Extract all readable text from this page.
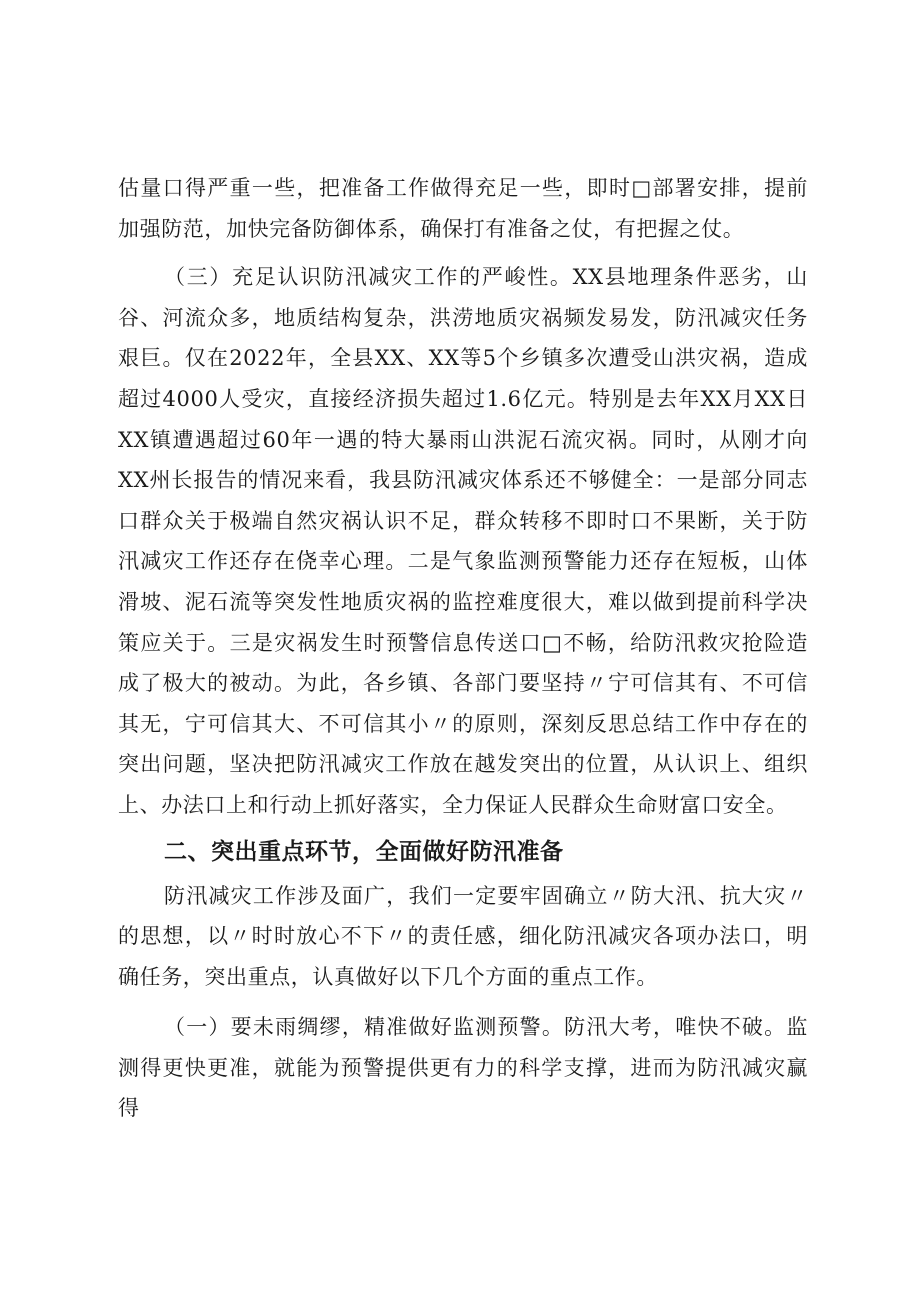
估量口得严重一些，把准备工作做得充足一些，即时□部署安排，提前加强防范，加快完备防御体系，确保打有准备之仗，有把握之仗。

（三）充足认识防汛减灾工作的严峻性。XX县地理条件恶劣，山谷、河流众多，地质结构复杂，洪涝地质灾祸频发易发，防汛减灾任务艰巨。仅在2022年，全县XX、XX等5个乡镇多次遭受山洪灾祸，造成超过4000人受灾，直接经济损失超过1.6亿元。特别是去年XX月XX日XX镇遭遇超过60年一遇的特大暴雨山洪泥石流灾祸。同时，从刚才向XX州长报告的情况来看，我县防汛减灾体系还不够健全：一是部分同志口群众关于极端自然灾祸认识不足，群众转移不即时口不果断，关于防汛减灾工作还存在侥幸心理。二是气象监测预警能力还存在短板，山体滑坡、泥石流等突发性地质灾祸的监控难度很大，难以做到提前科学决策应关于。三是灾祸发生时预警信息传送口□不畅，给防汛救灾抢险造成了极大的被动。为此，各乡镇、各部门要坚持〃宁可信其有、不可信其无，宁可信其大、不可信其小〃的原则，深刻反思总结工作中存在的突出问题，坚决把防汛减灾工作放在越发突出的位置，从认识上、组织上、办法口上和行动上抓好落实，全力保证人民群众生命财富口安全。

二、突出重点环节，全面做好防汛准备

防汛减灾工作涉及面广，我们一定要牢固确立〃防大汛、抗大灾〃的思想，以〃时时放心不下〃的责任感，细化防汛减灾各项办法口，明确任务，突出重点，认真做好以下几个方面的重点工作。

（一）要未雨绸缪，精准做好监测预警。防汛大考，唯快不破。监测得更快更准，就能为预警提供更有力的科学支撑，进而为防汛减灾赢得
